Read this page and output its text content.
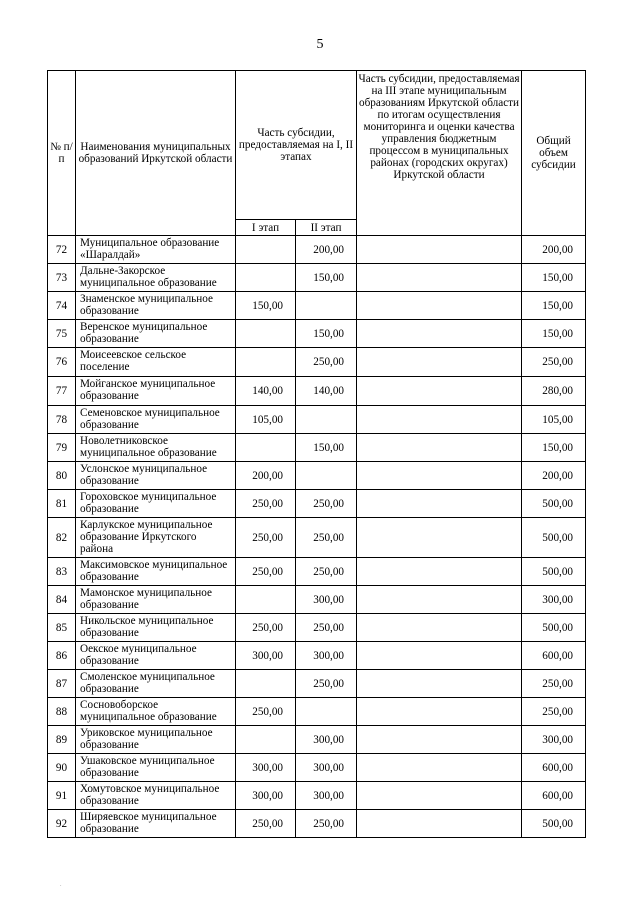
5
№ п/п	Наименования муниципальных образований Иркутской области	Часть субсидии, предоставляемая на I, II этапах		Часть субсидии, предоставляемая на III этапе муниципальным образованиям Иркутской области по итогам осуществления мониторинга и оценки качества управления бюджетным процессом в муниципальных районах (городских округах) Иркутской области	Общий объем субсидии
		I этап	II этап		
72	Муниципальное образование «Шаралдай»		200,00		200,00
73	Дальне-Закорское муниципальное образование		150,00		150,00
74	Знаменское муниципальное образование	150,00			150,00
75	Веренское муниципальное образование		150,00		150,00
76	Моисеевское сельское поселение		250,00		250,00
77	Мойганское муниципальное образование	140,00	140,00		280,00
78	Семеновское муниципальное образование	105,00			105,00
79	Новолетниковское муниципальное образование		150,00		150,00
80	Услонское муниципальное образование	200,00			200,00
81	Гороховское муниципальное образование	250,00	250,00		500,00
82	Карлукское муниципальное образование Иркутского района	250,00	250,00		500,00
83	Максимовское муниципальное образование	250,00	250,00		500,00
84	Мамонское муниципальное образование		300,00		300,00
85	Никольское муниципальное образование	250,00	250,00		500,00
86	Оекское муниципальное образование	300,00	300,00		600,00
87	Смоленское муниципальное образование		250,00		250,00
88	Сосновоборское муниципальное образование	250,00			250,00
89	Уриковское муниципальное образование		300,00		300,00
90	Ушаковское муниципальное образование	300,00	300,00		600,00
91	Хомутовское муниципальное образование	300,00	300,00		600,00
92	Ширяевское муниципальное образование	250,00	250,00		500,00
.
